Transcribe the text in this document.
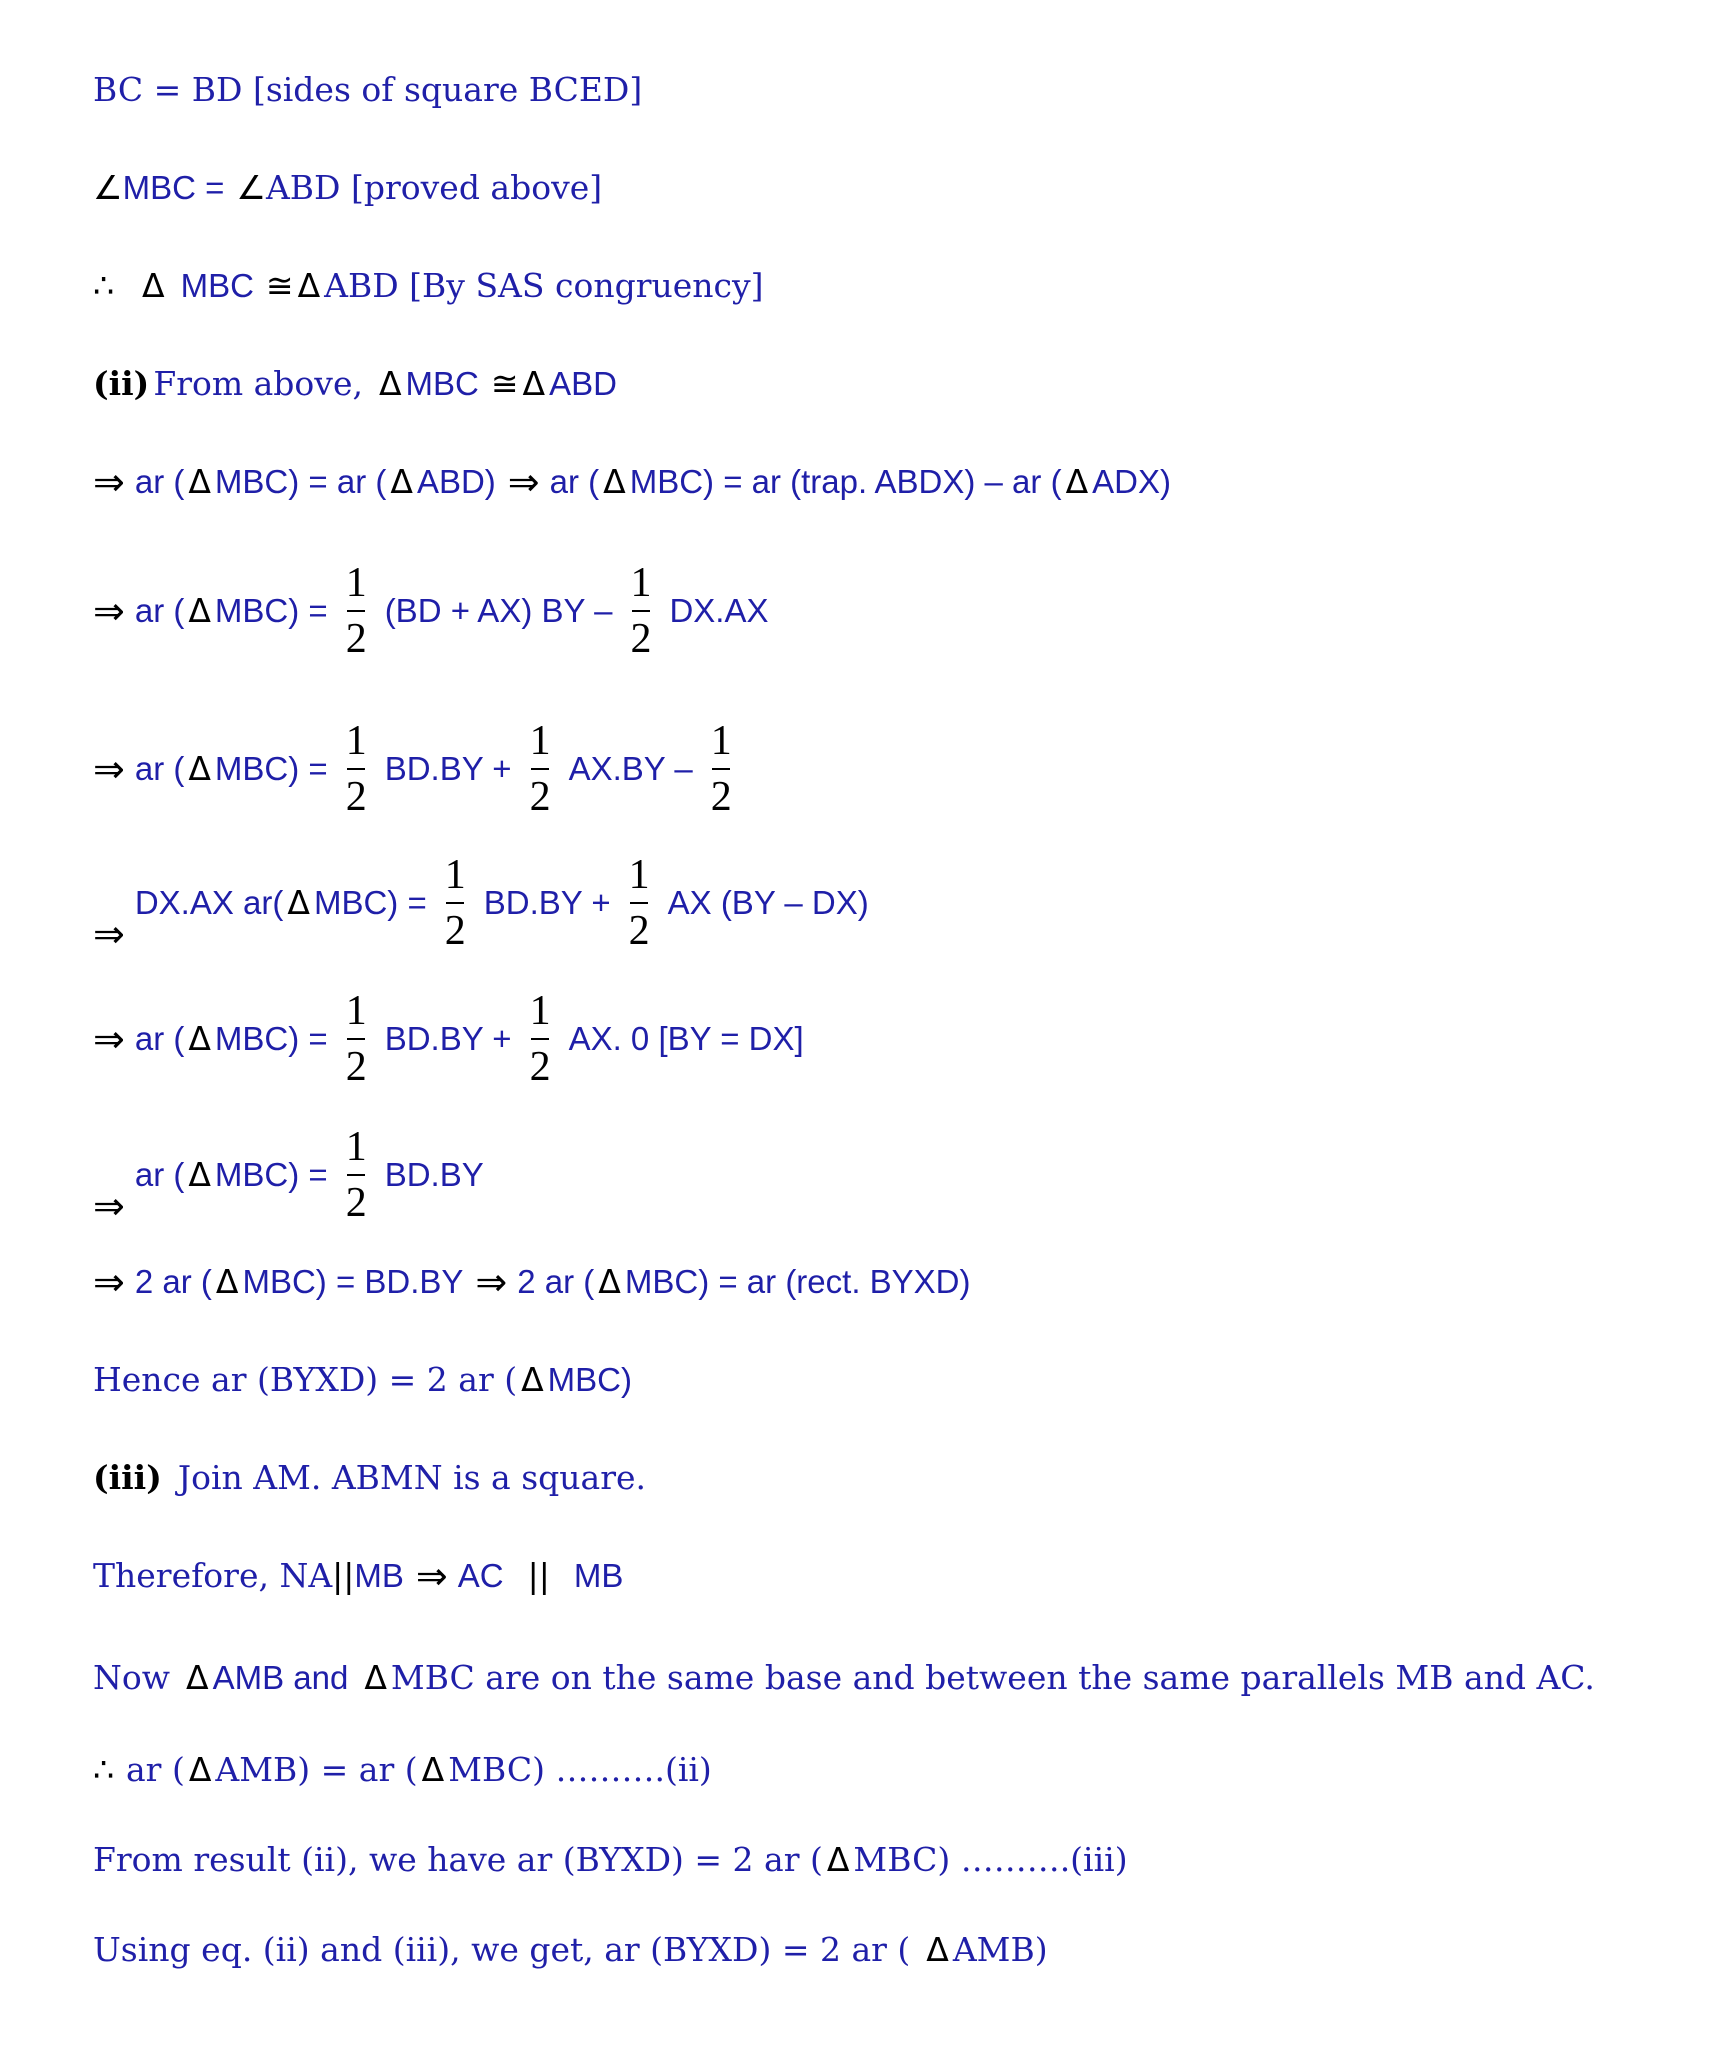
BC = BD [sides of square BCED]
∠ MBC = ∠ ABD [proved above]
∴ Δ MBC ≅ Δ ABD [By SAS congruency]
(ii) From above, Δ MBC ≅ Δ ABD
⇒ ar ( Δ MBC) = ar ( Δ ABD) ⇒ ar ( Δ MBC) = ar (trap. ABDX) – ar ( Δ ADX)
⇒ ar ( Δ $MBC) = \frac{1}{2} (BD + AX)$ BY – $\frac{1}{2} DX.AX$
⇒ ar ( Δ $MBC) = \frac{1}{2} BD.BY + \frac{1}{2} AX.BY - \frac{1}{2}$
⇒
DX.AX ar( Δ $MBC) = \frac{1}{2} BD.BY + \frac{1}{2}$ AX (BY – DX)
⇒ ar ( Δ $MBC) = \frac{1}{2} BD.BY + \frac{1}{2}$ AX. 0 [BY = DX]
⇒
ar ( Δ $MBC) = \frac{1}{2} BD.BY$
⇒ 2 ar ( Δ MBC) = BD.BY ⇒ 2 ar ( Δ MBC) = ar (rect. BYXD)
Hence ar (BYXD) = 2 ar ( Δ MBC)
(iii) Join AM. ABMN is a square.
Therefore, NA || MB ⇒ AC || MB
Now Δ AMB and Δ MBC are on the same base and between the same parallels MB and AC.
∴ ar ( Δ AMB) = ar ( Δ MBC) ……….(ii)
From result (ii), we have ar (BYXD) = 2 ar ( Δ MBC) ……….(iii)
Using eq. (ii) and (iii), we get, ar (BYXD) = 2 ar ( Δ AMB)
